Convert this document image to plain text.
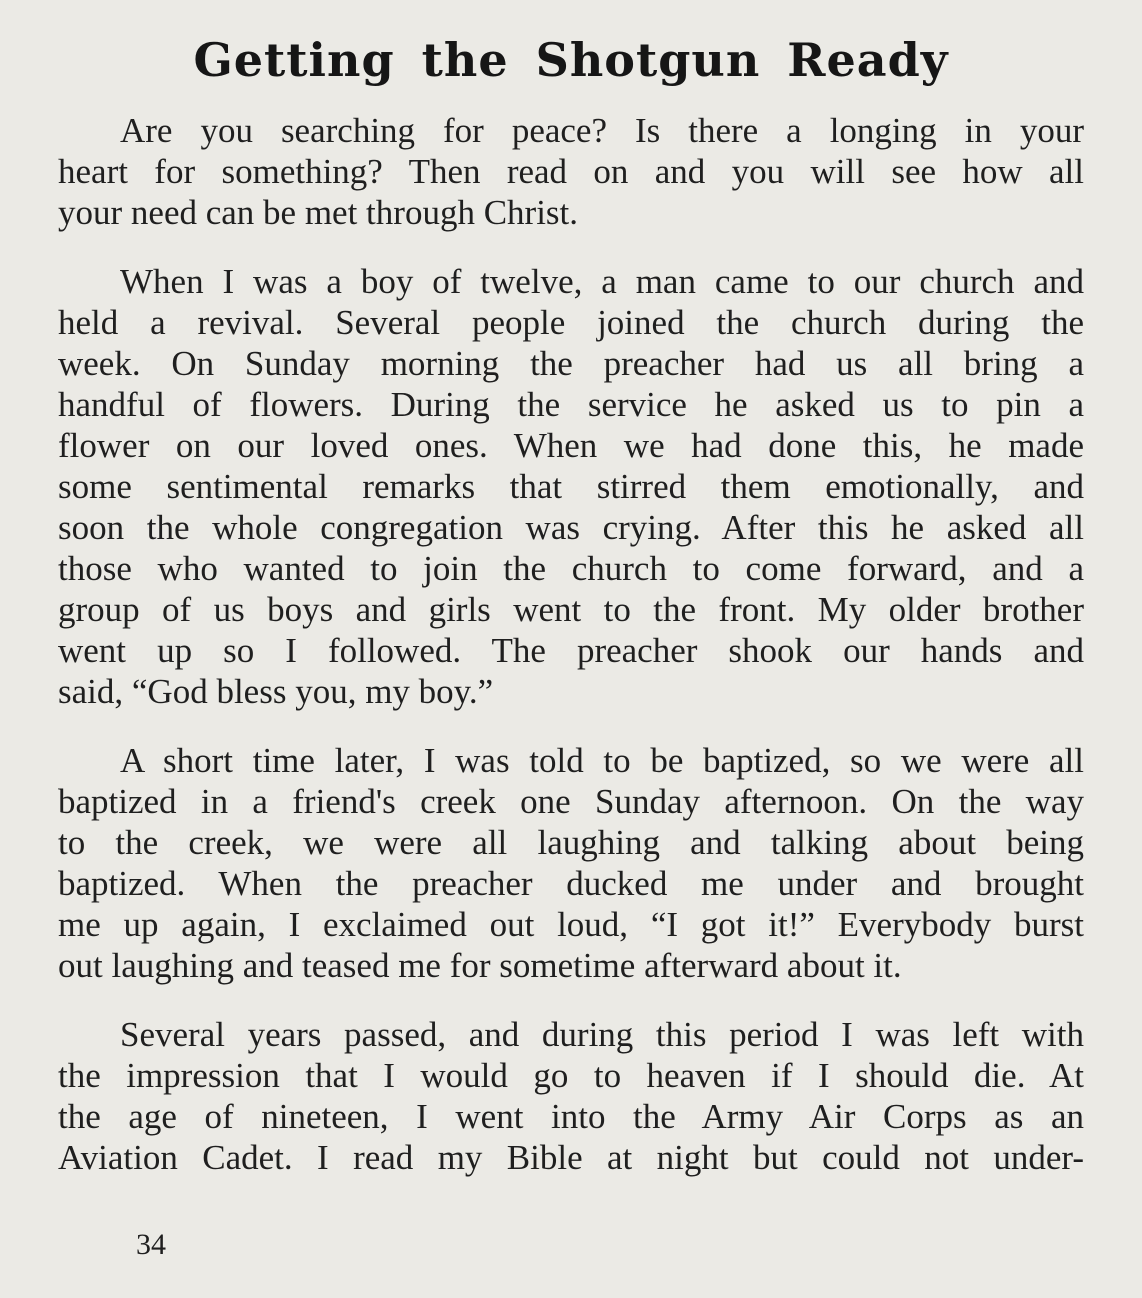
Getting the Shotgun Ready

Are you searching for peace? Is there a longing in your
heart for something? Then read on and you will see how all
your need can be met through Christ.

When I was a boy of twelve, a man came to our church and
held a revival. Several people joined the church during the
week. On Sunday morning the preacher had us all bring a
handful of flowers. During the service he asked us to pin a
flower on our loved ones. When we had done this, he made
some sentimental remarks that stirred them emotionally, and
soon the whole congregation was crying. After this he asked all
those who wanted to join the church to come forward, and a
group of us boys and girls went to the front. My older brother
went up so I followed. The preacher shook our hands and
said, “God bless you, my boy.”

A short time later, I was told to be baptized, so we were all
baptized in a friend's creek one Sunday afternoon. On the way
to the creek, we were all laughing and talking about being
baptized. When the preacher ducked me under and brought
me up again, I exclaimed out loud, “I got it!” Everybody burst
out laughing and teased me for sometime afterward about it.

Several years passed, and during this period I was left with
the impression that I would go to heaven if I should die. At
the age of nineteen, I went into the Army Air Corps as an
Aviation Cadet. I read my Bible at night but could not under-

34
